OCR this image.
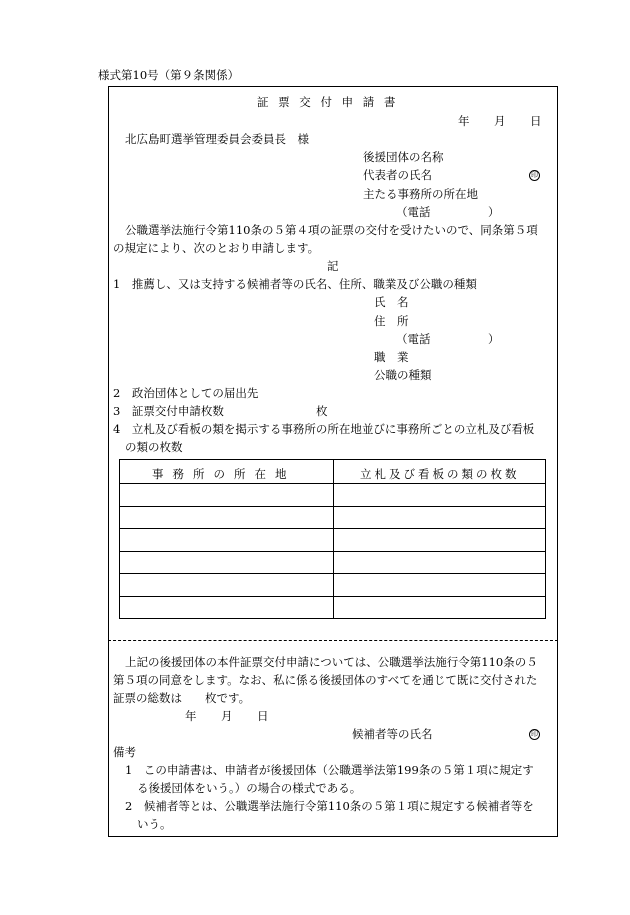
様式第10号（第９条関係）
証 票 交 付 申 請 書
年 月 日
北広島町選挙管理委員会委員長　様
後援団体の名称
代表者の氏名	印
主たる事務所の所在地
（電話　　　　　）
公職選挙法施行令第110条の５第４項の証票の交付を受けたいので、同条第５項
の規定により、次のとおり申請します。
記
1　推薦し、又は支持する候補者等の氏名、住所、職業及び公職の種類
氏　名
住　所
（電話　　　　　）
職　業
公職の種類
2　政治団体としての届出先
3　証票交付申請枚数	枚
4　立札及び看板の類を掲示する事務所の所在地並びに事務所ごとの立札及び看板
の類の枚数
事務所の所在地	立札及び看板の類の枚数
上記の後援団体の本件証票交付申請については、公職選挙法施行令第110条の５
第５項の同意をします。なお、私に係る後援団体のすべてを通じて既に交付された
証票の総数は　　枚です。
年 月 日
候補者等の氏名	印
備考
1　この申請書は、申請者が後援団体（公職選挙法第199条の５第１項に規定す
る後援団体をいう。）の場合の様式である。
2　候補者等とは、公職選挙法施行令第110条の５第１項に規定する候補者等を
いう。
